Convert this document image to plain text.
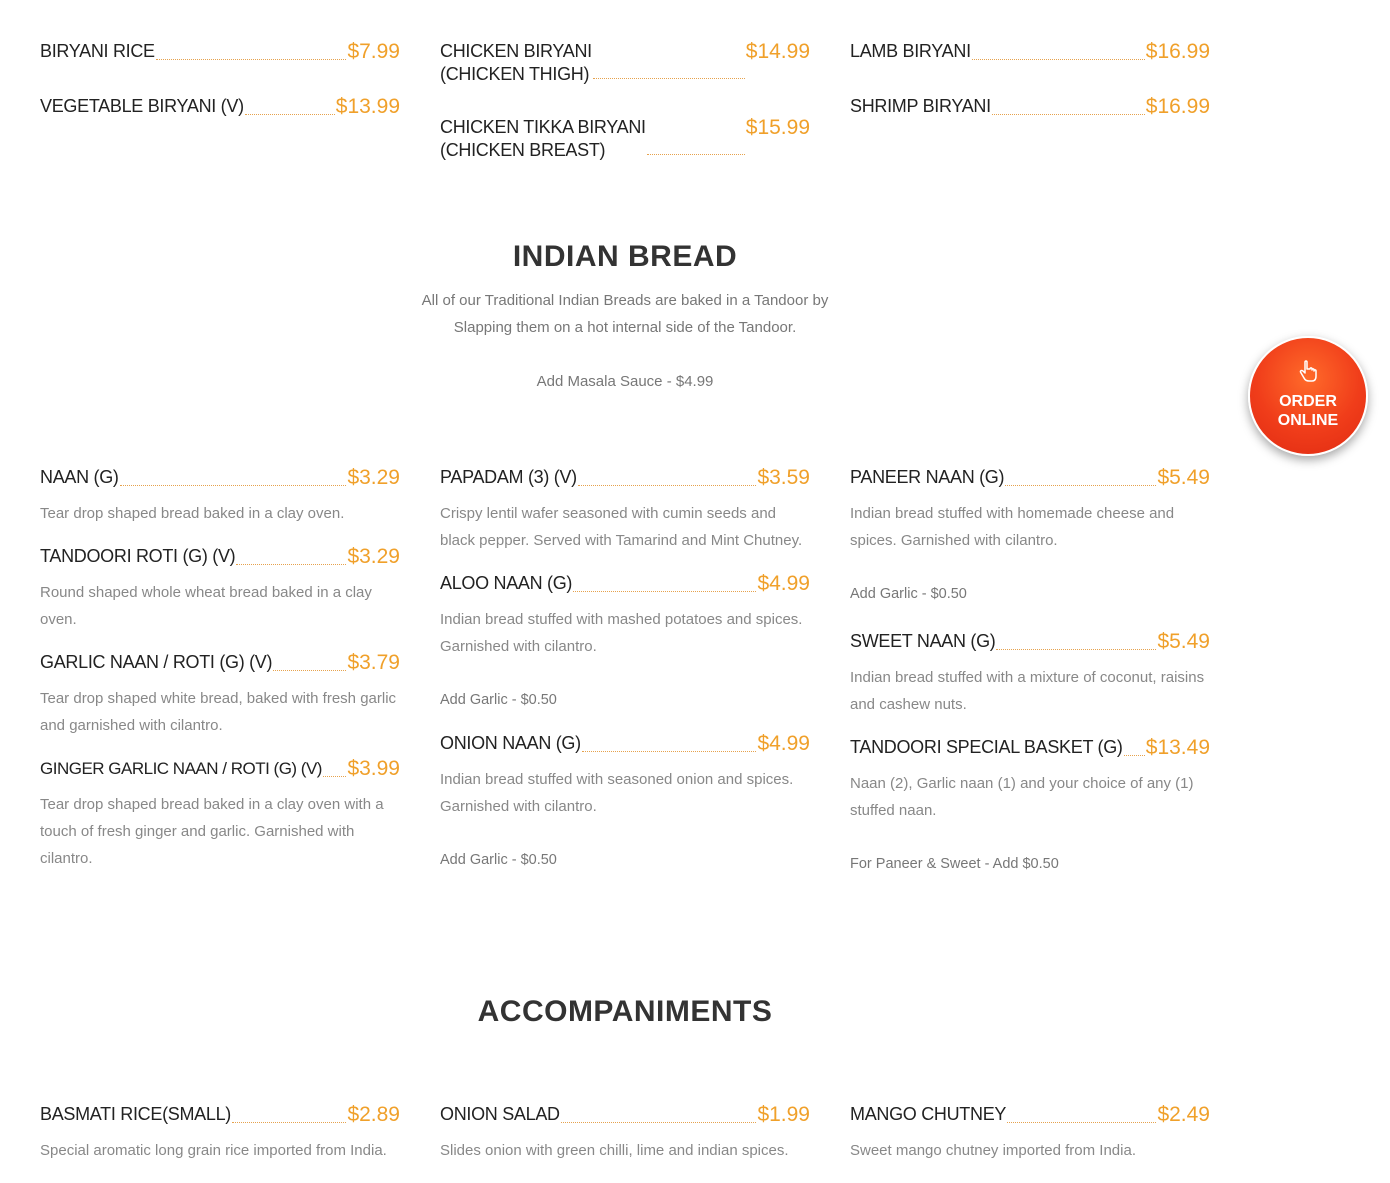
BIRYANI RICE	$7.99
VEGETABLE BIRYANI (V)	$13.99
CHICKEN BIRYANI (CHICKEN THIGH)
$14.99
CHICKEN TIKKA BIRYANI (CHICKEN BREAST)
$15.99
LAMB BIRYANI	$16.99
SHRIMP BIRYANI	$16.99
INDIAN BREAD

All of our Traditional Indian Breads are baked in a Tandoor by Slapping them on a hot internal side of the Tandoor.

Add Masala Sauce - $4.99
NAAN (G)	$3.29
Tear drop shaped bread baked in a clay oven.
TANDOORI ROTI (G) (V)	$3.29
Round shaped whole wheat bread baked in a clay oven.
GARLIC NAAN / ROTI (G) (V)	$3.79
Tear drop shaped white bread, baked with fresh garlic and garnished with cilantro.
GINGER GARLIC NAAN / ROTI (G) (V) $3.99
Tear drop shaped bread baked in a clay oven with a touch of fresh ginger and garlic. Garnished with cilantro.
PAPADAM (3) (V)	$3.59
Crispy lentil wafer seasoned with cumin seeds and black pepper. Served with Tamarind and Mint Chutney.
ALOO NAAN (G)	$4.99
Indian bread stuffed with mashed potatoes and spices. Garnished with cilantro.
Add Garlic - $0.50
ONION NAAN (G)	$4.99
Indian bread stuffed with seasoned onion and spices. Garnished with cilantro.
Add Garlic - $0.50
PANEER NAAN (G)	$5.49
Indian bread stuffed with homemade cheese and spices. Garnished with cilantro.
Add Garlic - $0.50
SWEET NAAN (G)	$5.49
Indian bread stuffed with a mixture of coconut, raisins and cashew nuts.
TANDOORI SPECIAL BASKET (G) $13.49
Naan (2), Garlic naan (1) and your choice of any (1) stuffed naan.
For Paneer & Sweet - Add $0.50
ACCOMPANIMENTS
BASMATI RICE(SMALL)	$2.89
Special aromatic long grain rice imported from India.
ONION SALAD	$1.99
Slides onion with green chilli, lime and indian spices.
MANGO CHUTNEY	$2.49
Sweet mango chutney imported from India.
ORDER ONLINE
